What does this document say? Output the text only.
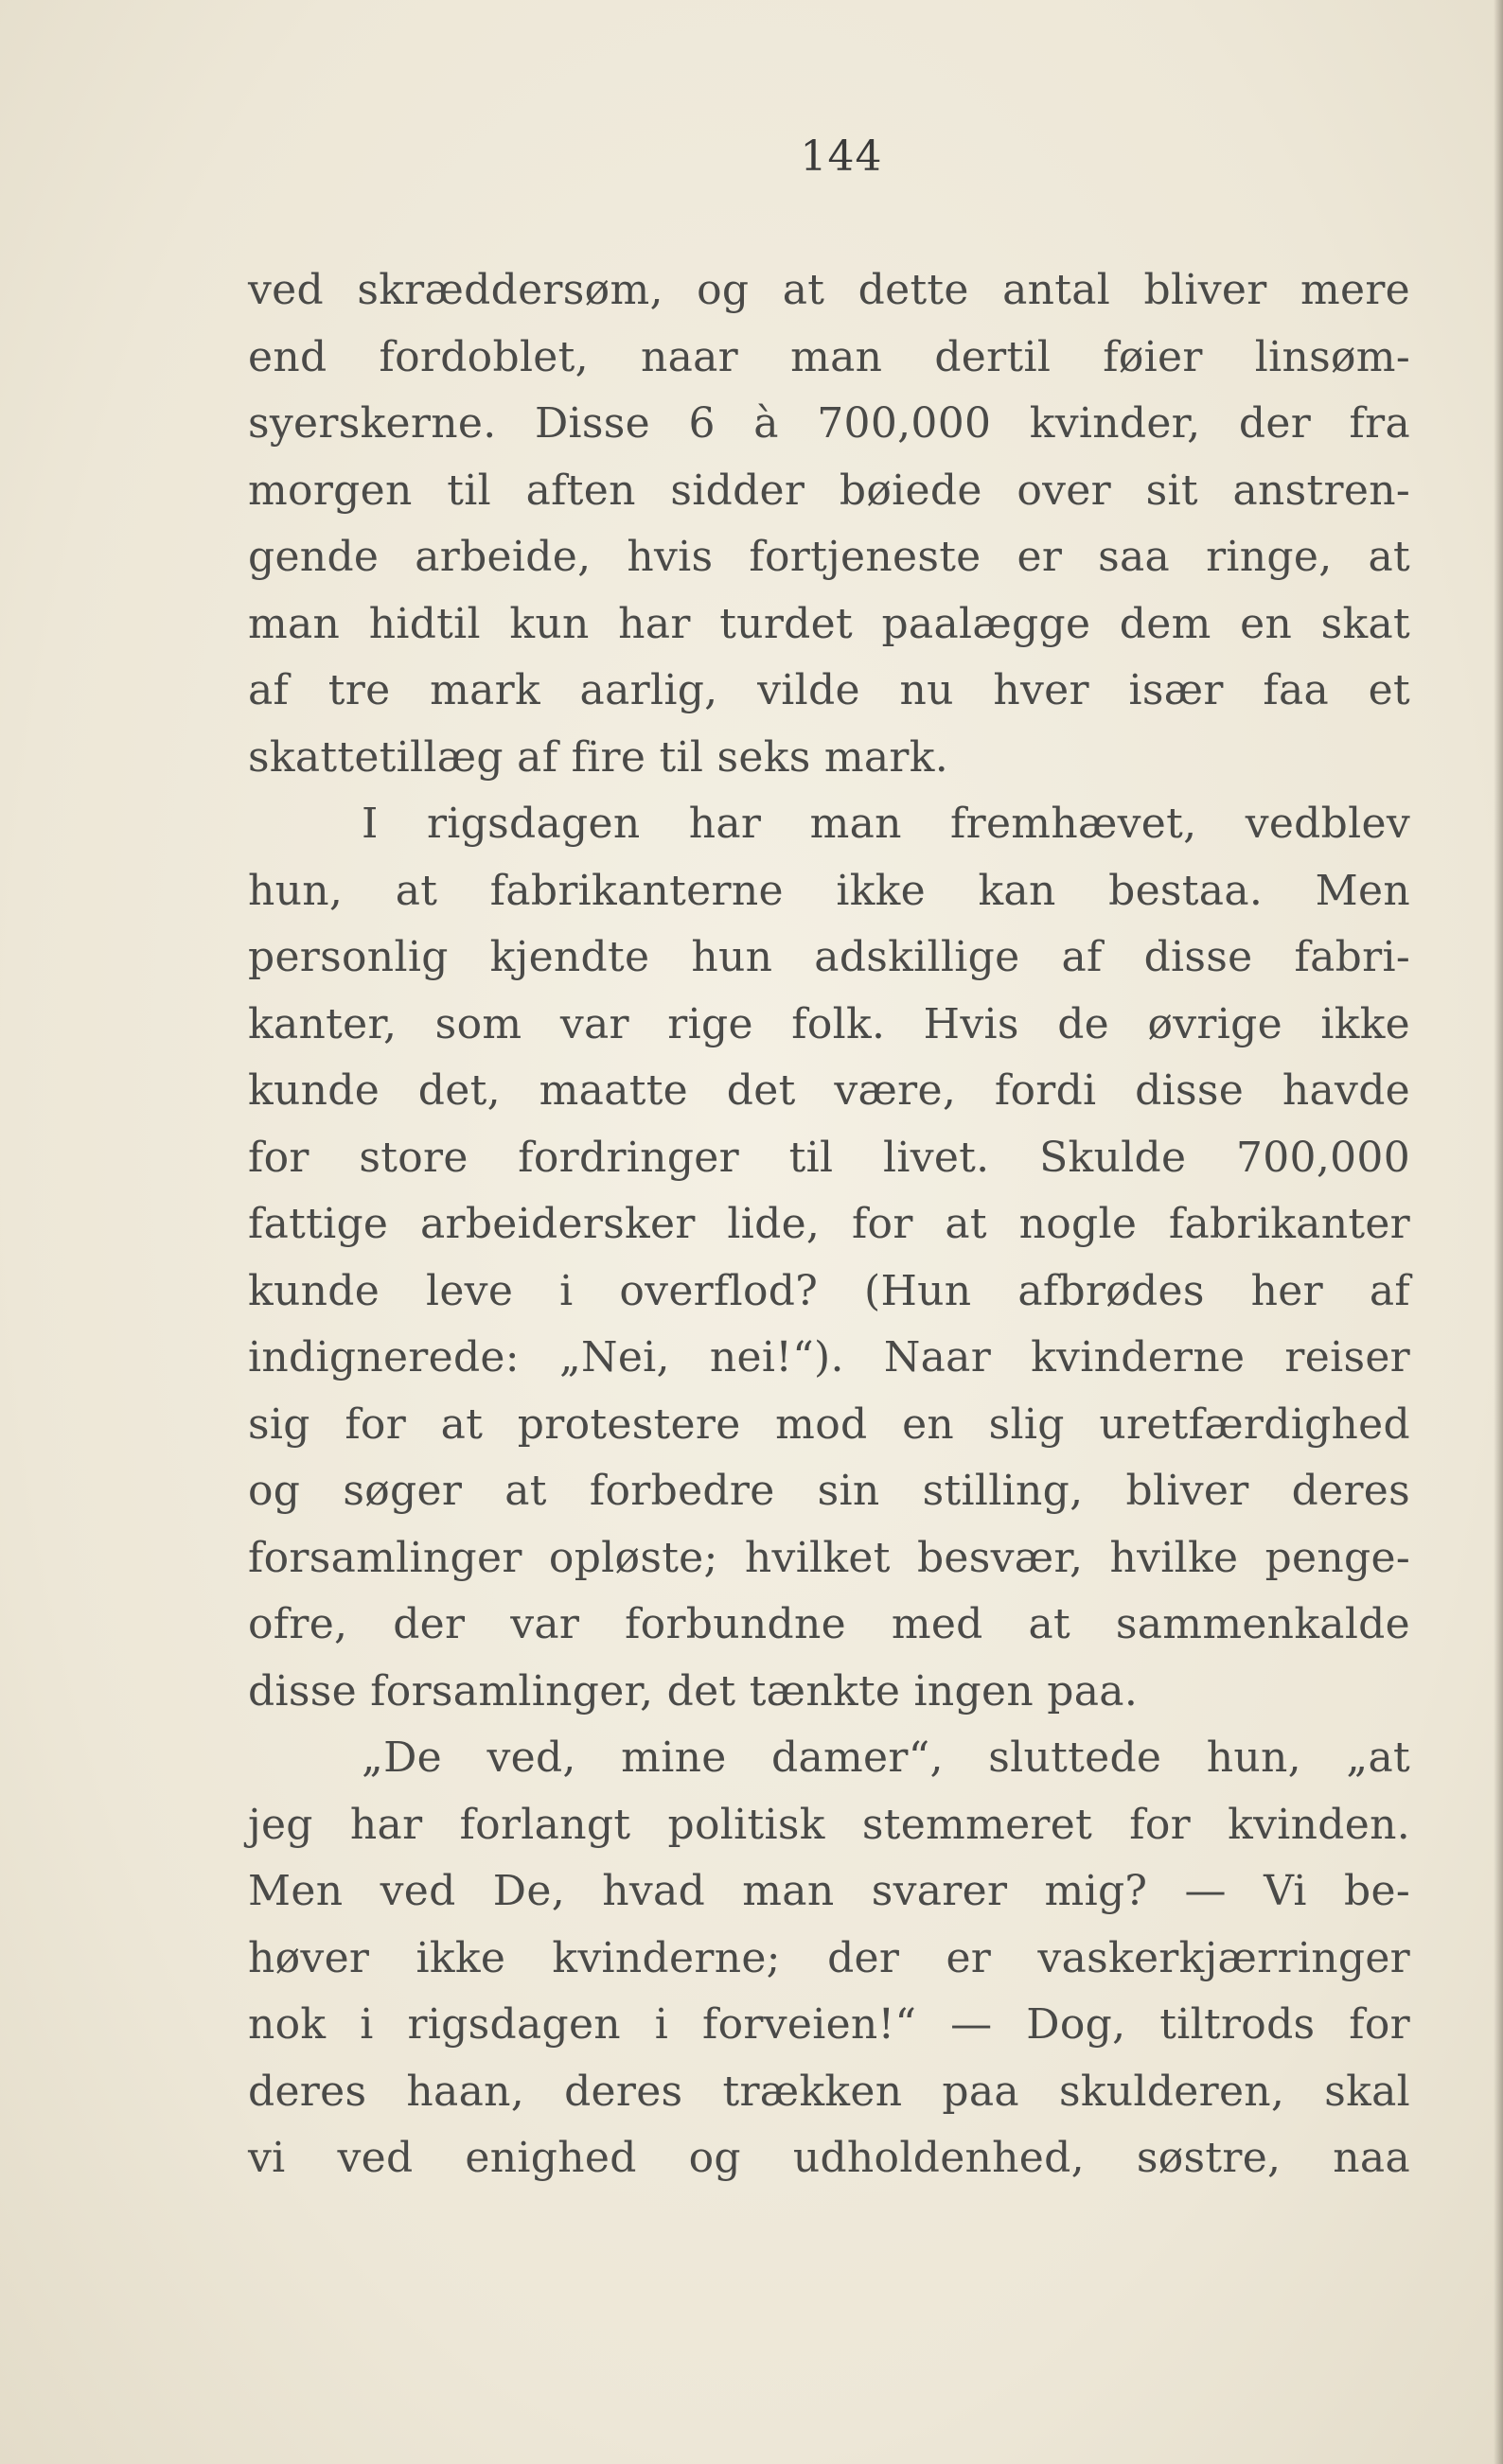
144
ved skræddersøm, og at dette antal bliver mere
end fordoblet, naar man dertil føier linsøm-
syerskerne. Disse 6 à 700,000 kvinder, der fra
morgen til aften sidder bøiede over sit anstren-
gende arbeide, hvis fortjeneste er saa ringe, at
man hidtil kun har turdet paalægge dem en skat
af tre mark aarlig, vilde nu hver især faa et
skattetillæg af fire til seks mark.
I rigsdagen har man fremhævet, vedblev
hun, at fabrikanterne ikke kan bestaa. Men
personlig kjendte hun adskillige af disse fabri-
kanter, som var rige folk. Hvis de øvrige ikke
kunde det, maatte det være, fordi disse havde
for store fordringer til livet. Skulde 700,000
fattige arbeidersker lide, for at nogle fabrikanter
kunde leve i overflod? (Hun afbrødes her af
indignerede: „Nei, nei!“). Naar kvinderne reiser
sig for at protestere mod en slig uretfærdighed
og søger at forbedre sin stilling, bliver deres
forsamlinger opløste; hvilket besvær, hvilke penge-
ofre, der var forbundne med at sammenkalde
disse forsamlinger, det tænkte ingen paa.
„De ved, mine damer“, sluttede hun, „at
jeg har forlangt politisk stemmeret for kvinden.
Men ved De, hvad man svarer mig? — Vi be-
høver ikke kvinderne; der er vaskerkjærringer
nok i rigsdagen i forveien!“ — Dog, tiltrods for
deres haan, deres trækken paa skulderen, skal
vi ved enighed og udholdenhed, søstre, naa
